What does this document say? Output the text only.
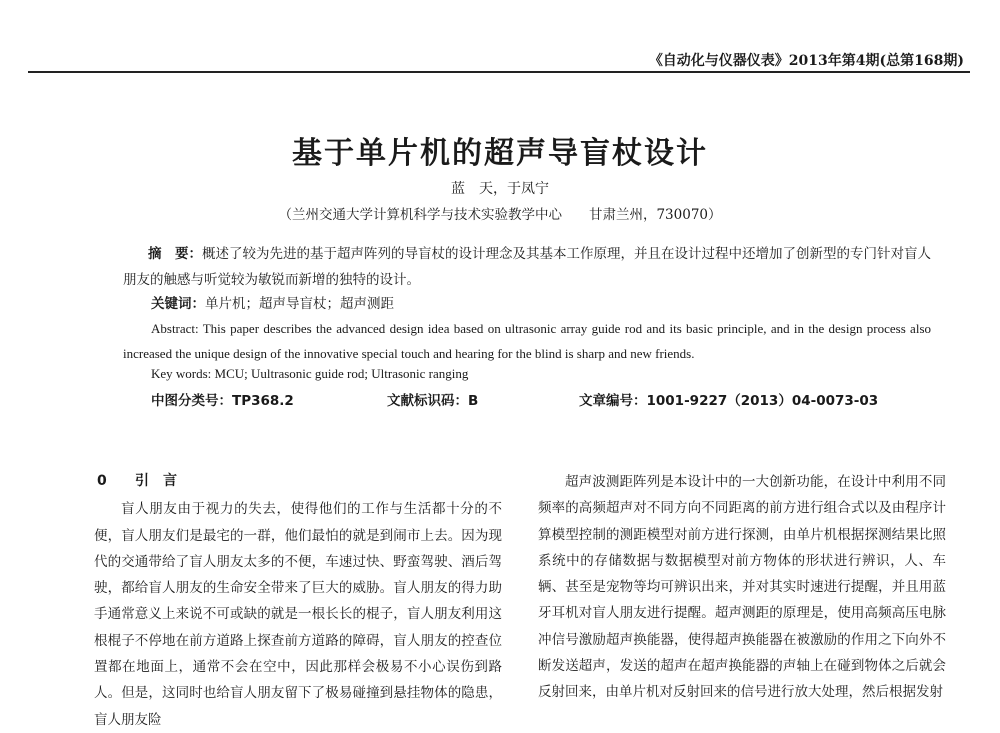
《自动化与仪器仪表》2013年第4期(总第168期)
基于单片机的超声导盲杖设计
蓝　天，于凤宁
（兰州交通大学计算机科学与技术实验教学中心　　甘肃兰州，730070）
摘　要：概述了较为先进的基于超声阵列的导盲杖的设计理念及其基本工作原理，并且在设计过程中还增加了创新型的专门针对盲人朋友的触感与听觉较为敏锐而新增的独特的设计。
关键词：单片机；超声导盲杖；超声测距
Abstract: This paper describes the advanced design idea based on ultrasonic array guide rod and its basic principle, and in the design process also increased the unique design of the innovative special touch and hearing for the blind is sharp and new friends.
Key words: MCU; Uultrasonic guide rod; Ultrasonic ranging
中图分类号：TP368.2	文献标识码：B	文章编号：1001-9227（2013）04-0073-03
0 引　言

盲人朋友由于视力的失去，使得他们的工作与生活都十分的不便，盲人朋友们是最宅的一群，他们最怕的就是到闹市上去。因为现代的交通带给了盲人朋友太多的不便，车速过快、野蛮驾驶、酒后驾驶，都给盲人朋友的生命安全带来了巨大的威胁。盲人朋友的得力助手通常意义上来说不可或缺的就是一根长长的棍子，盲人朋友利用这根棍子不停地在前方道路上探查前方道路的障碍，盲人朋友的控查位置都在地面上，通常不会在空中，因此那样会极易不小心误伤到路人。但是，这同时也给盲人朋友留下了极易碰撞到悬挂物体的隐患，盲人朋友险

超声波测距阵列是本设计中的一大创新功能，在设计中利用不同频率的高频超声对不同方向不同距离的前方进行组合式以及由程序计算模型控制的测距模型对前方进行探测，由单片机根据探测结果比照系统中的存储数据与数据模型对前方物体的形状进行辨识，人、车辆、甚至是宠物等均可辨识出来，并对其实时速进行提醒，并且用蓝牙耳机对盲人朋友进行提醒。超声测距的原理是，使用高频高压电脉冲信号激励超声换能器，使得超声换能器在被激励的作用之下向外不断发送超声，发送的超声在超声换能器的声轴上在碰到物体之后就会反射回来，由单片机对反射回来的信号进行放大处理，然后根据发射
